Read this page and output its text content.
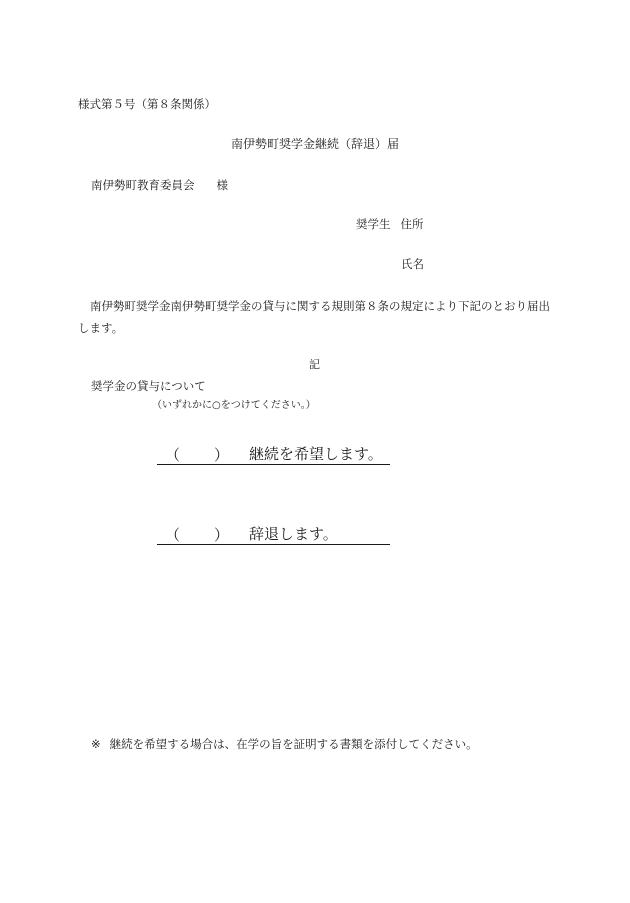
様式第５号（第８条関係）
南伊勢町奨学金継続（辞退）届
南伊勢町教育委員会 様
奨学生 住所
氏名
南伊勢町奨学金南伊勢町奨学金の貸与に関する規則第８条の規定により下記のとおり届出します。
記
奨学金の貸与について
（いずれかに○をつけてください。）
（ ） 継続を希望します。
（ ） 辞退します。
※ 継続を希望する場合は、在学の旨を証明する書類を添付してください。
